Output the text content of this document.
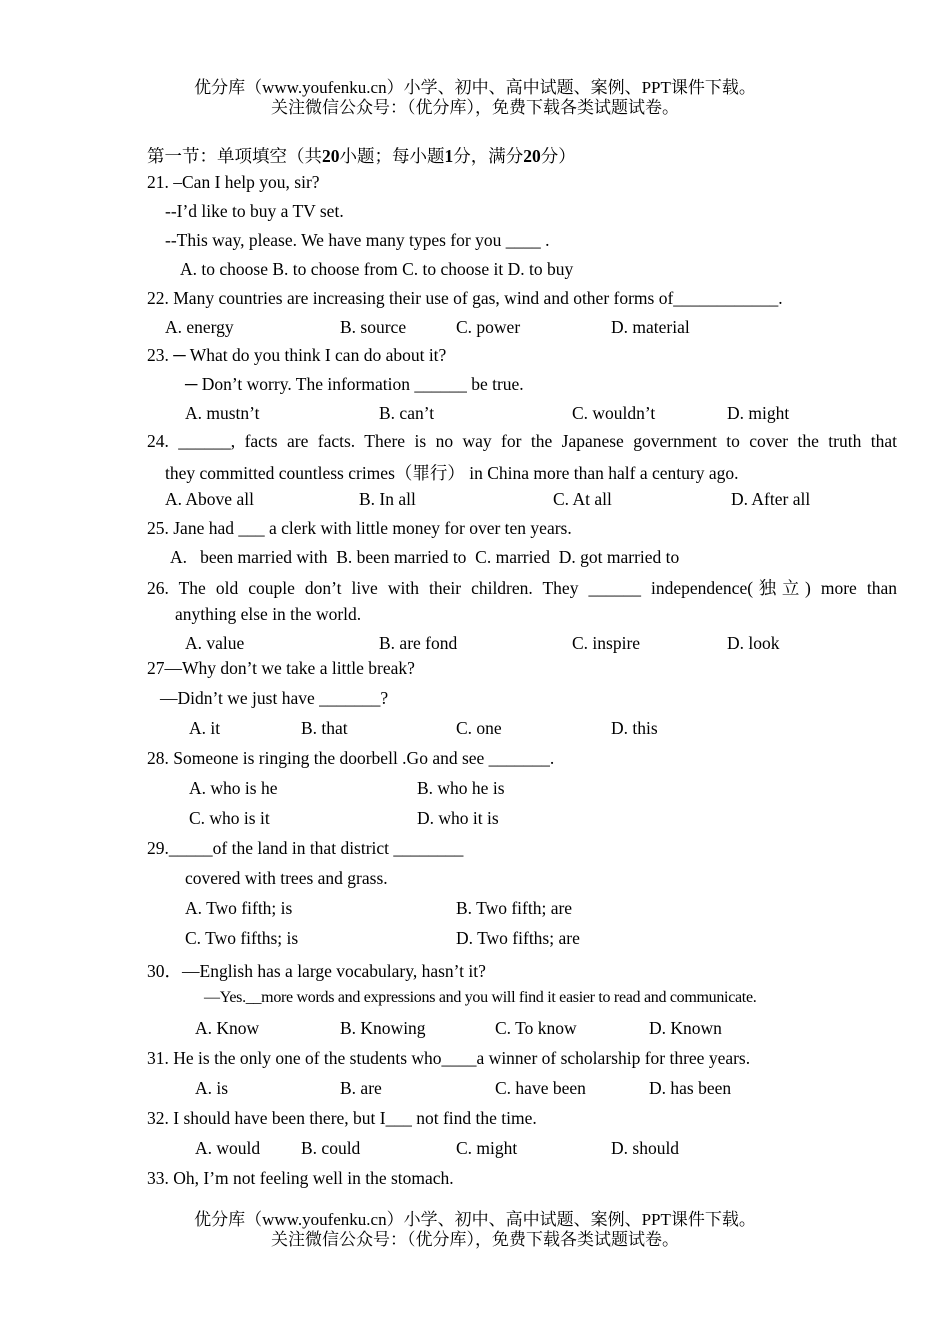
优分库（www.youfenku.cn）小学、初中、高中试题、案例、PPT课件下载。
关注微信公众号：（优分库），免费下载各类试题试卷。
第一节：单项填空（共20小题；每小题1分，满分20分）
21. –Can I help you, sir?
--I’d like to buy a TV set.
--This way, please. We have many types for you ____ .
A. to choose B. to choose from C. to choose it D. to buy
22. Many countries are increasing their use of gas, wind and other forms of____________.
A. energy	B. source	C. power	D. material
23. ─ What do you think I can do about it?
─ Don’t worry. The information ______ be true.
A. mustn’t	B. can’t	C. wouldn’t	D. might
24. ______, facts are facts. There is no way for the Japanese government to cover the truth that
they committed countless crimes（罪行） in China more than half a century ago.
A. Above all	B. In all	C. At all	D. After all
25. Jane had ___ a clerk with little money for over ten years.
A.   been married with  B. been married to  C. married  D. got married to
26. The old couple don’t live with their children. They ______ independence(独立) more than
anything else in the world.
A. value	B. are fond	C. inspire	D. look
27—Why don’t we take a little break?
—Didn’t we just have _______?
A. it	B. that	C. one	D. this
28. Someone is ringing the doorbell .Go and see _______.
A. who is he	B. who he is
C. who is it	D. who it is
29._____of the land in that district ________
covered with trees and grass.
A. Two fifth; is	B. Two fifth; are
C. Two fifths; is	D. Two fifths; are
30．—English has a large vocabulary, hasn’t it?
—Yes.__more words and expressions and you will find it easier to read and communicate.
A. Know	B. Knowing	C. To know	D. Known
31. He is the only one of the students who____a winner of scholarship for three years.
A. is	B. are	C. have been	D. has been
32. I should have been there, but I___ not find the time.
A. would B. could	C. might	D. should
33. Oh, I’m not feeling well in the stomach.
优分库（www.youfenku.cn）小学、初中、高中试题、案例、PPT课件下载。
关注微信公众号：（优分库），免费下载各类试题试卷。
